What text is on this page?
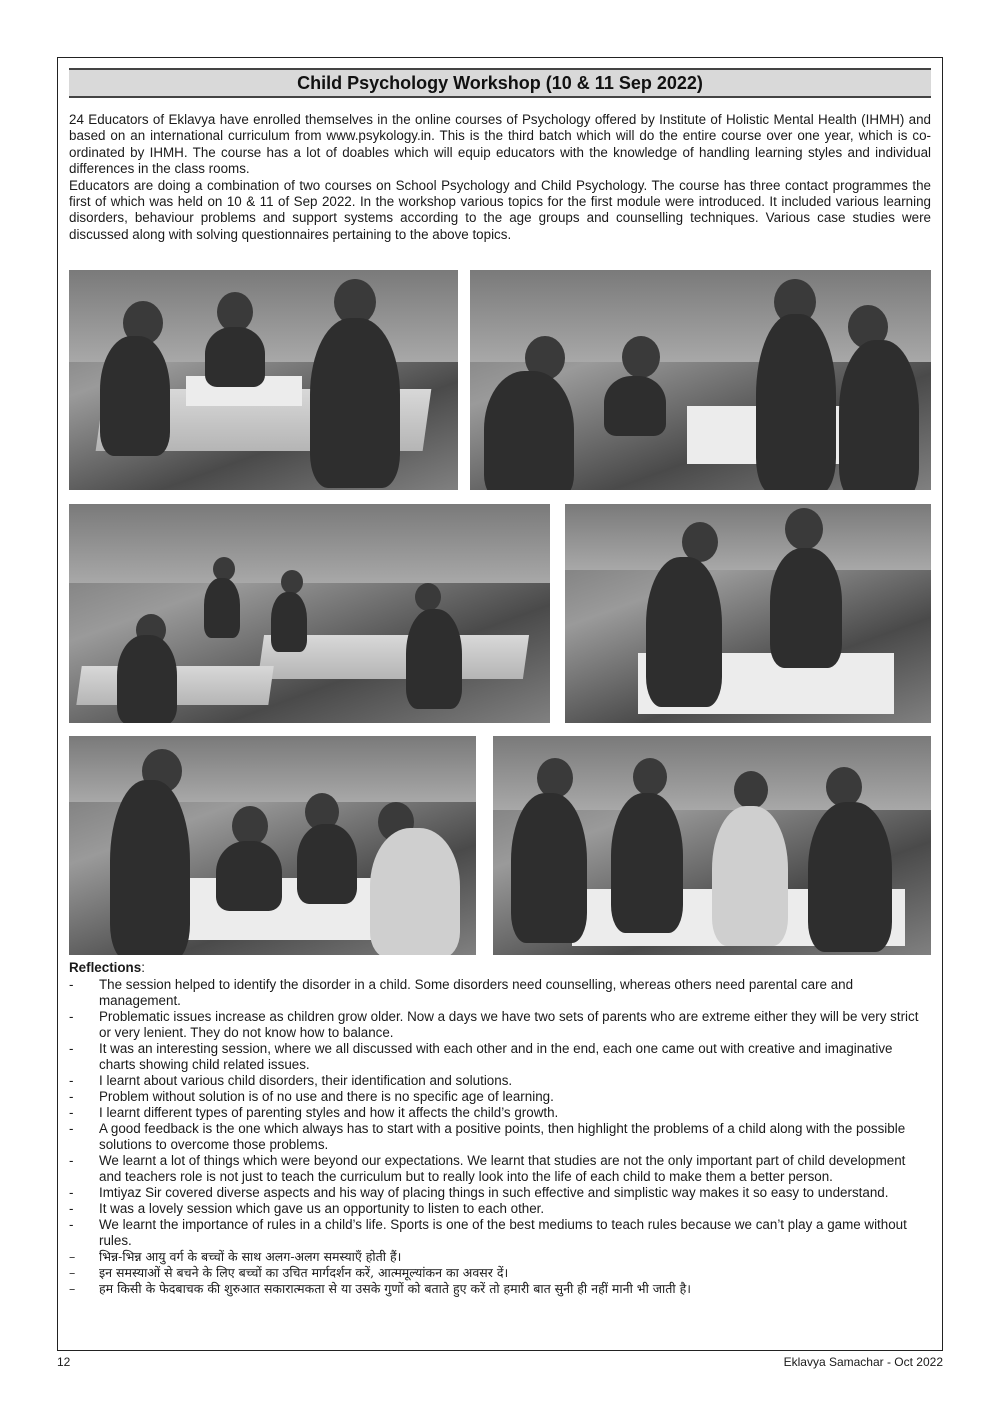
Child Psychology Workshop (10 & 11 Sep 2022)

24 Educators of Eklavya have enrolled themselves in the online courses of Psychology offered by Institute of Holistic Mental Health (IHMH) and based on an international curriculum from www.psykology.in. This is the third batch which will do the entire course over one year, which is co-ordinated by IHMH. The course has a lot of doables which will equip educators with the knowledge of handling learning styles and individual differences in the class rooms.

Educators are doing a combination of two courses on School Psychology and Child Psychology. The course has three contact programmes the first of which was held on 10 & 11 of Sep 2022. In the workshop various topics for the first module were introduced. It included various learning disorders, behaviour problems and support systems according to the age groups and counselling techniques. Various case studies were discussed along with solving questionnaires pertaining to the above topics.

Reflections:

-	The session helped to identify the disorder in a child. Some disorders need counselling, whereas others need parental care and management.
-	Problematic issues increase as children grow older. Now a days we have two sets of parents who are extreme either they will be very strict or very lenient. They do not know how to balance.
-	It was an interesting session, where we all discussed with each other and in the end, each one came out with creative and imaginative charts showing child related issues.
-	I learnt about various child disorders, their identification and solutions.
-	Problem without solution is of no use and there is no specific age of learning.
-	I learnt different types of parenting styles and how it affects the child’s growth.
-	A good feedback is the one which always has to start with a positive points, then highlight the problems of a child along with the possible solutions to overcome those problems.
-	We learnt a lot of things which were beyond our expectations. We learnt that studies are not the only important part of child development and teachers role is not just to teach the curriculum but to really look into the life of each child to make them a better person.
-	Imtiyaz Sir covered diverse aspects and his way of placing things in such effective and simplistic way makes it so easy to understand.
-	It was a lovely session which gave us an opportunity to listen to each other.
-	We learnt the importance of rules in a child’s life. Sports is one of the best mediums to teach rules because we can’t play a game without rules.
–	भिन्न-भिन्न आयु वर्ग के बच्चों के साथ अलग-अलग समस्याएँ होती हैं।
–	इन समस्याओं से बचने के लिए बच्चों का उचित मार्गदर्शन करें, आत्ममूल्यांकन का अवसर दें।
–	हम किसी के फेदबाचक की शुरुआत सकारात्मकता से या उसके गुणों को बताते हुए करें तो हमारी बात सुनी ही नहीं मानी भी जाती है।
12	Eklavya Samachar - Oct 2022
